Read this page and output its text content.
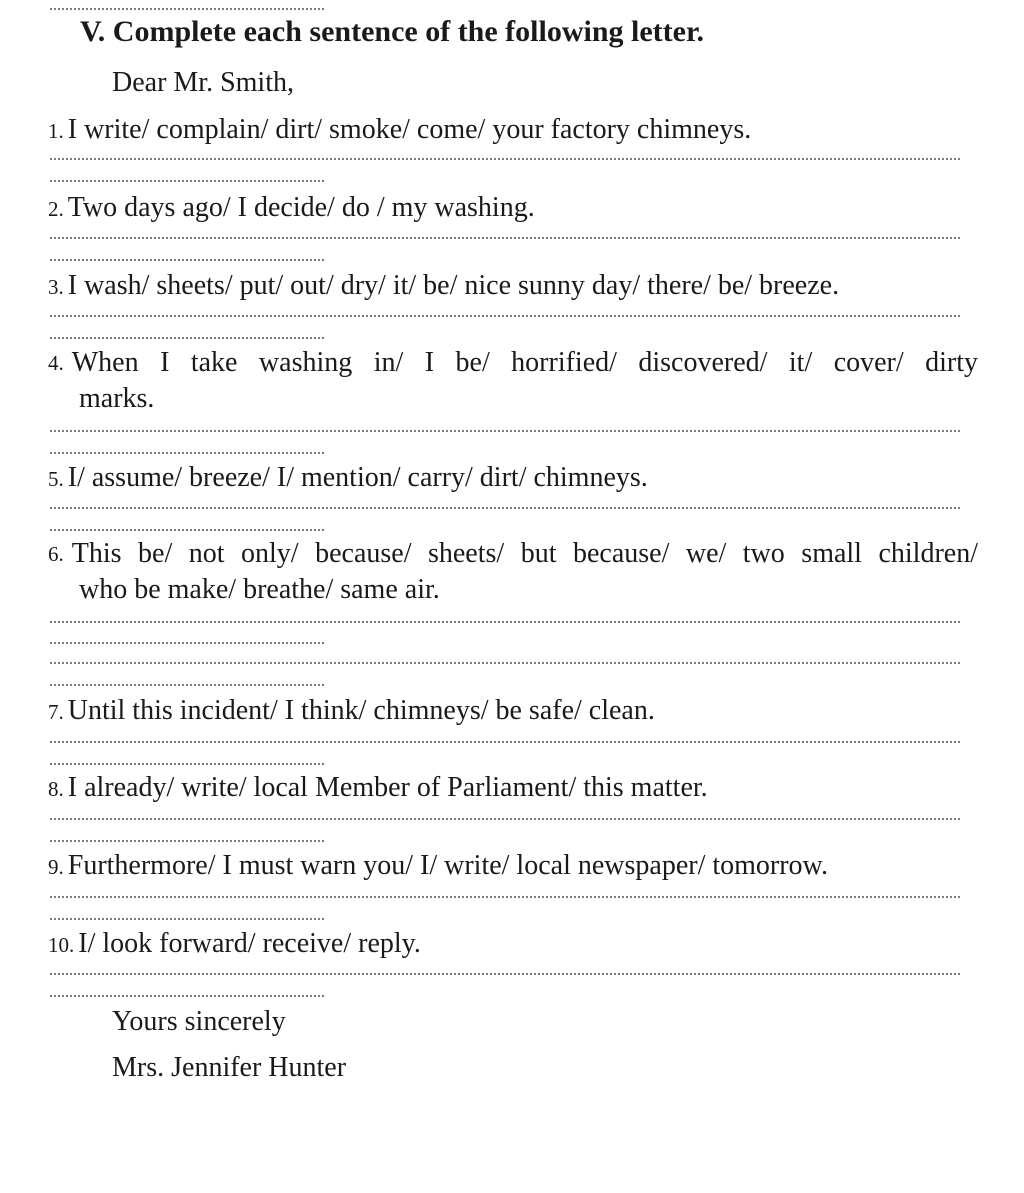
V. Complete each sentence of the following letter.
Dear Mr. Smith,
1. I write/ complain/ dirt/ smoke/ come/ your factory chimneys.
2. Two days ago/ I decide/ do / my washing.
3. I wash/ sheets/ put/ out/ dry/ it/ be/ nice sunny day/ there/ be/ breeze.
4. When I take washing in/ I be/ horrified/ discovered/ it/ cover/ dirty
marks.
5. I/ assume/ breeze/ I/ mention/ carry/ dirt/ chimneys.
6. This be/ not only/ because/ sheets/ but because/ we/ two small children/
who be make/ breathe/ same air.
7. Until this incident/ I think/ chimneys/ be safe/ clean.
8. I already/ write/ local Member of Parliament/ this matter.
9. Furthermore/ I must warn you/ I/ write/ local newspaper/ tomorrow.
10. I/ look forward/ receive/ reply.
Yours sincerely
Mrs. Jennifer Hunter
